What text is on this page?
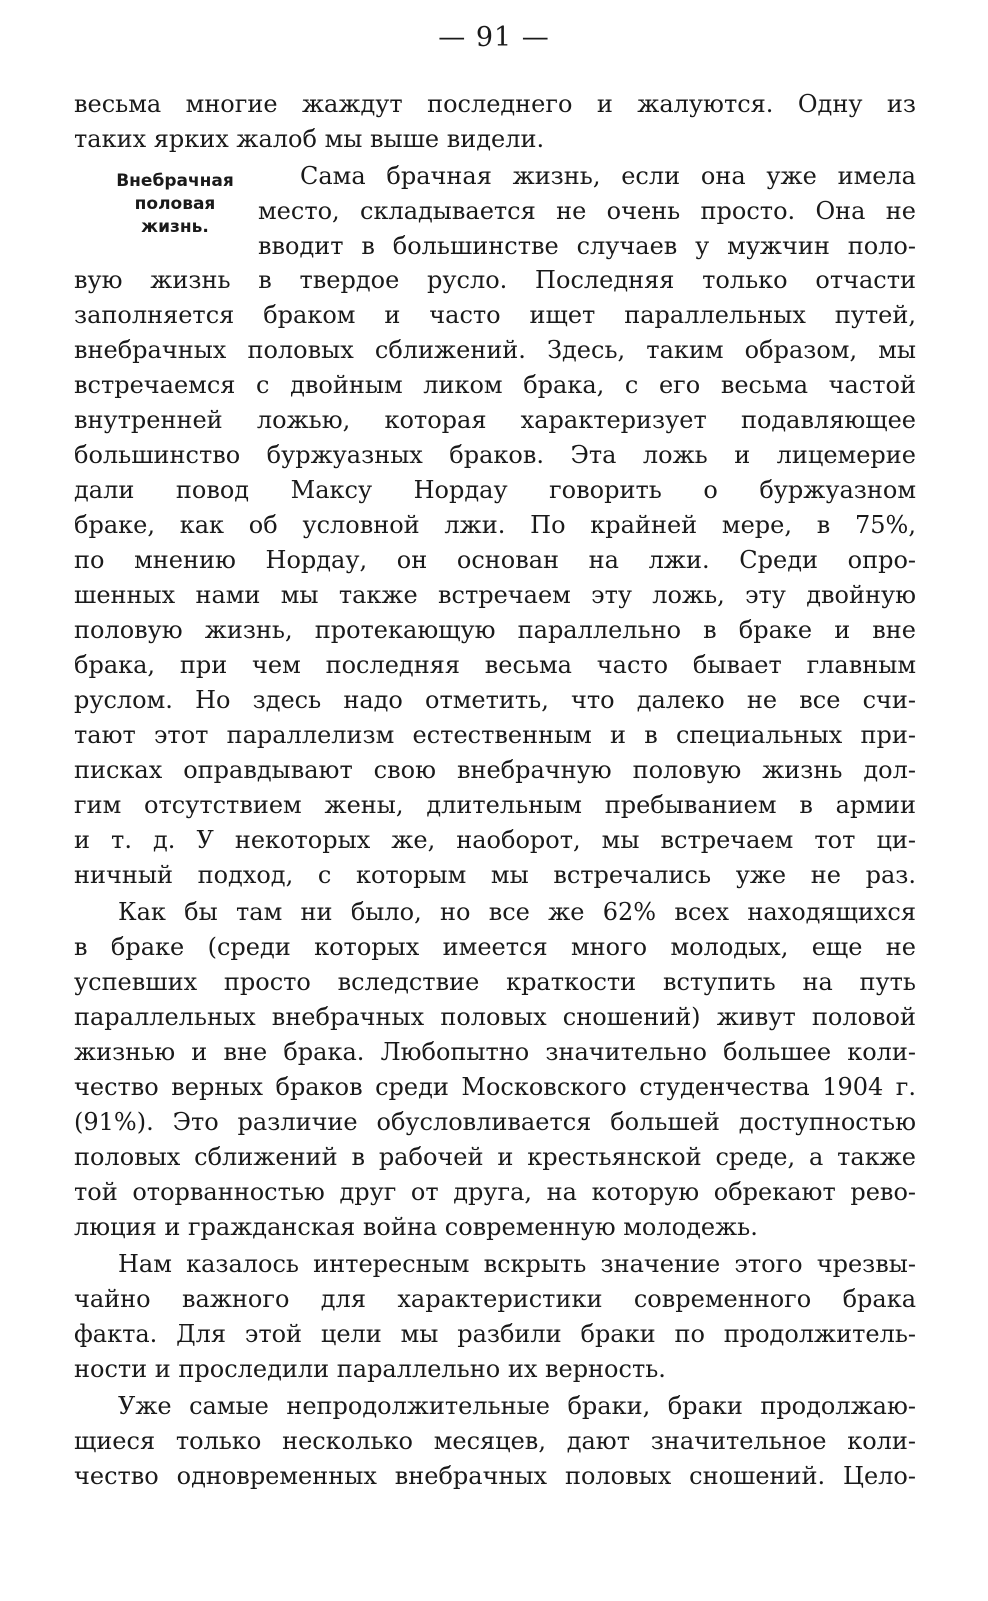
— 91 —
Внебрачная
половая
жизнь.
весьма многие жаждут последнего и жалуются. Одну из
таких ярких жалоб мы выше видели.
Сама брачная жизнь, если она уже имела
место, складывается не очень просто. Она не
вводит в большинстве случаев у мужчин поло-
вую жизнь в твердое русло. Последняя только отчасти
заполняется браком и часто ищет параллельных путей,
внебрачных половых сближений. Здесь, таким образом, мы
встречаемся с двойным ликом брака, с его весьма частой
внутренней ложью, которая характеризует подавляющее
большинство буржуазных браков. Эта ложь и лицемерие
дали повод Максу Нордау говорить о буржуазном
браке, как об условной лжи. По крайней мере, в 75%,
по мнению Нордау, он основан на лжи. Среди опро-
шенных нами мы также встречаем эту ложь, эту двойную
половую жизнь, протекающую параллельно в браке и вне
брака, при чем последняя весьма часто бывает главным
руслом. Но здесь надо отметить, что далеко не все счи-
тают этот параллелизм естественным и в специальных при-
писках оправдывают свою внебрачную половую жизнь дол-
гим отсутствием жены, длительным пребыванием в армии
и т. д. У некоторых же, наоборот, мы встречаем тот ци-
ничный подход, с которым мы встречались уже не раз.
Как бы там ни было, но все же 62% всех находящихся
в браке (среди которых имеется много молодых, еще не
успевших просто вследствие краткости вступить на путь
параллельных внебрачных половых сношений) живут половой
жизнью и вне брака. Любопытно значительно большее коли-
чество верных браков среди Московского студенчества 1904 г.
(91%). Это различие обусловливается большей доступностью
половых сближений в рабочей и крестьянской среде, а также
той оторванностью друг от друга, на которую обрекают рево-
люция и гражданская война современную молодежь.
Нам казалось интересным вскрыть значение этого чрезвы-
чайно важного для характеристики современного брака
факта. Для этой цели мы разбили браки по продолжитель-
ности и проследили параллельно их верность.
Уже самые непродолжительные браки, браки продолжаю-
щиеся только несколько месяцев, дают значительное коли-
чество одновременных внебрачных половых сношений. Цело-
